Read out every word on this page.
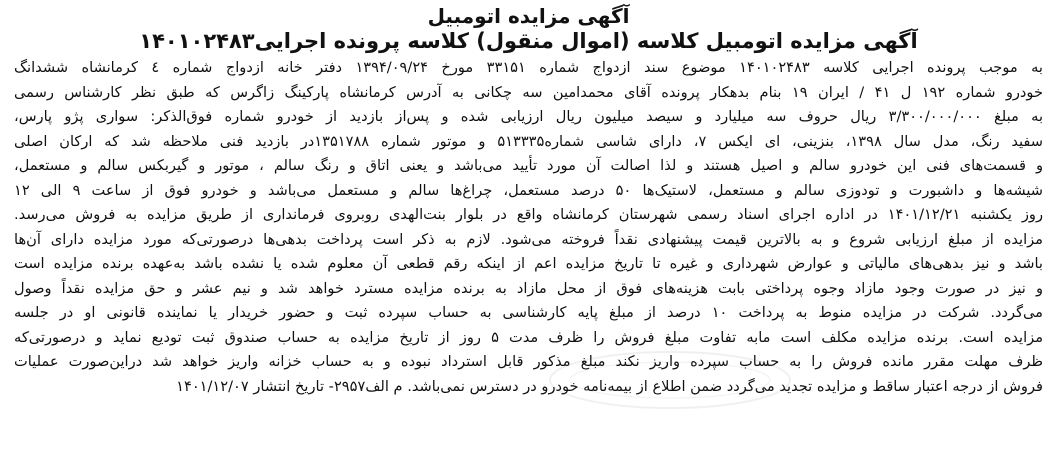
آگهی مزایده اتومبیل
آگهی مزایده اتومبیل کلاسه (اموال منقول) کلاسه پرونده اجرایی۱۴۰۱۰۲۴۸۳
به موجب پرونده اجرایی کلاسه ۱۴۰۱۰۲۴۸۳ موضوع سند ازدواج شماره ۳۳۱۵۱ مورخ ۱۳۹۴/۰۹/۲۴ دفتر خانه ازدواج شماره ٤ کرمانشاه ششدانگ
خودرو شماره ۱۹۲ ل ۴۱ / ایران ۱۹ بنام بدهکار پرونده آقای محمدامین سه چکانی به آدرس کرمانشاه پارکینگ زاگرس که طبق نظر کارشناس رسمی
به مبلغ ۳/۳۰۰/۰۰۰/۰۰۰ ریال حروف سه میلیارد و سیصد میلیون ریال ارزیابی شده و پس‌از بازدید از خودرو شماره فوق‌الذکر: سواری پژو پارس،
سفید رنگ، مدل سال ۱۳۹۸، بنزینی، ای ایکس ۷، دارای شاسی شماره۵۱۳۳۳۵ و موتور شماره ۱۳۵۱۷۸۸در بازدید فنی ملاحظه شد که ارکان اصلی
و قسمت‌های فنی این خودرو سالم و اصیل هستند و لذا اصالت آن مورد تأیید می‌باشد و یعنی اتاق و رنگ سالم ، موتور و گیربکس سالم و مستعمل،
شیشه‌ها و داشبورت و تودوزی سالم و مستعمل، لاستیک‌ها ۵۰ درصد مستعمل، چراغ‌ها سالم و مستعمل می‌باشد و خودرو فوق از ساعت ۹ الی ۱۲
روز یکشنبه ۱۴۰۱/۱۲/۲۱ در اداره اجرای اسناد رسمی شهرستان کرمانشاه واقع در بلوار بنت‌الهدی روبروی فرمانداری از طریق مزایده به فروش می‌رسد.
مزایده از مبلغ ارزیابی شروع و به بالاترین قیمت پیشنهادی نقداً فروخته می‌شود. لازم به ذکر است پرداخت بدهی‌ها درصورتی‌که مورد مزایده دارای آن‌ها
باشد و نیز بدهی‌های مالیاتی و عوارض شهرداری و غیره تا تاریخ مزایده اعم از اینکه رقم قطعی آن معلوم شده یا نشده باشد به‌عهده برنده مزایده است
و نیز در صورت وجود مازاد وجوه پرداختی بابت هزینه‌های فوق از محل مازاد به برنده مزایده مسترد خواهد شد و نیم عشر و حق مزایده نقداً وصول
می‌گردد. شرکت در مزایده منوط به پرداخت ۱۰ درصد از مبلغ پایه کارشناسی به حساب سپرده ثبت و حضور خریدار یا نماینده قانونی او در جلسه
مزایده است. برنده مزایده مکلف است مابه تفاوت مبلغ فروش را ظرف مدت ۵ روز از تاریخ مزایده به حساب صندوق ثبت تودیع نماید و درصورتی‌که
ظرف مهلت مقرر مانده فروش را به حساب سپرده واریز نکند مبلغ مذکور قابل استرداد نبوده و به حساب خزانه واریز خواهد شد دراین‌صورت عملیات
فروش از درجه اعتبار ساقط و مزایده تجدید می‌گردد ضمن اطلاع از بیمه‌نامه خودرو در دسترس نمی‌باشد. م الف۲۹۵۷- تاریخ انتشار ۱۴۰۱/۱۲/۰۷
